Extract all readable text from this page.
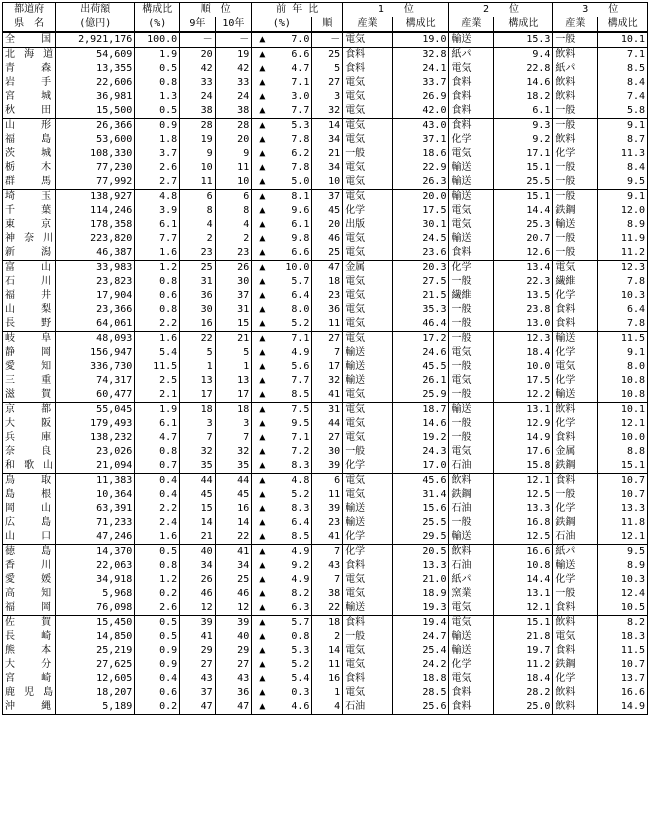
都道府	出荷額	構成比	順　位		前 年 比			1　　位		2　　位		3　　位	
県　名	(億円)	(%)	9年	10年	(%)		順	産業	構成比	産業	構成比	産業	構成比
全国	2,921,176	100.0	－	－	▲	7.0	－	電気	19.0	輸送	15.3	一般	10.1
北海道	54,609	1.9	20	19	▲	6.6	25	食料	32.8	紙パ	9.4	飲料	7.1
青森	13,355	0.5	42	42	▲	4.7	5	食料	24.1	電気	22.8	紙パ	8.5
岩手	22,606	0.8	33	33	▲	7.1	27	電気	33.7	食料	14.6	飲料	8.4
宮城	36,981	1.3	24	24	▲	3.0	3	電気	26.9	食料	18.2	飲料	7.4
秋田	15,500	0.5	38	38	▲	7.7	32	電気	42.0	食料	6.1	一般	5.8
山形	26,366	0.9	28	28	▲	5.3	14	電気	43.0	食料	9.3	一般	9.1
福島	53,600	1.8	19	20	▲	7.8	34	電気	37.1	化学	9.2	飲料	8.7
茨城	108,330	3.7	9	9	▲	6.2	21	一般	18.6	電気	17.1	化学	11.3
栃木	77,230	2.6	10	11	▲	7.8	34	電気	22.9	輸送	15.1	一般	8.4
群馬	77,992	2.7	11	10	▲	5.0	10	電気	26.3	輸送	25.5	一般	9.5
埼玉	138,927	4.8	6	6	▲	8.1	37	電気	20.0	輸送	15.1	一般	9.1
千葉	114,246	3.9	8	8	▲	9.6	45	化学	17.5	電気	14.4	鉄鋼	12.0
東京	178,358	6.1	4	4	▲	6.1	20	出版	30.1	電気	25.3	輸送	8.9
神奈川	223,820	7.7	2	2	▲	9.8	46	電気	24.5	輸送	20.7	一般	11.9
新潟	46,387	1.6	23	23	▲	6.6	25	電気	23.6	食料	12.6	一般	11.2
富山	33,983	1.2	25	26	▲	10.0	47	金属	20.3	化学	13.4	電気	12.3
石川	23,823	0.8	31	30	▲	5.7	18	電気	27.5	一般	22.3	繊維	7.8
福井	17,904	0.6	36	37	▲	6.4	23	電気	21.5	繊維	13.5	化学	10.3
山梨	23,366	0.8	30	31	▲	8.0	36	電気	35.3	一般	23.8	食料	6.4
長野	64,061	2.2	16	15	▲	5.2	11	電気	46.4	一般	13.0	食料	7.8
岐阜	48,093	1.6	22	21	▲	7.1	27	電気	17.2	一般	12.3	輸送	11.5
静岡	156,947	5.4	5	5	▲	4.9	7	輸送	24.6	電気	18.4	化学	9.1
愛知	336,730	11.5	1	1	▲	5.6	17	輸送	45.5	一般	10.0	電気	8.0
三重	74,317	2.5	13	13	▲	7.7	32	輸送	26.1	電気	17.5	化学	10.8
滋賀	60,477	2.1	17	17	▲	8.5	41	電気	25.9	一般	12.2	輸送	10.8
京都	55,045	1.9	18	18	▲	7.5	31	電気	18.7	輸送	13.1	飲料	10.1
大阪	179,493	6.1	3	3	▲	9.5	44	電気	14.6	一般	12.9	化学	12.1
兵庫	138,232	4.7	7	7	▲	7.1	27	電気	19.2	一般	14.9	食料	10.0
奈良	23,026	0.8	32	32	▲	7.2	30	一般	24.3	電気	17.6	金属	8.8
和歌山	21,094	0.7	35	35	▲	8.3	39	化学	17.0	石油	15.8	鉄鋼	15.1
鳥取	11,383	0.4	44	44	▲	4.8	6	電気	45.6	飲料	12.1	食料	10.7
島根	10,364	0.4	45	45	▲	5.2	11	電気	31.4	鉄鋼	12.5	一般	10.7
岡山	63,391	2.2	15	16	▲	8.3	39	輸送	15.6	石油	13.3	化学	13.3
広島	71,233	2.4	14	14	▲	6.4	23	輸送	25.5	一般	16.8	鉄鋼	11.8
山口	47,246	1.6	21	22	▲	8.5	41	化学	29.5	輸送	12.5	石油	12.1
徳島	14,370	0.5	40	41	▲	4.9	7	化学	20.5	飲料	16.6	紙パ	9.5
香川	22,063	0.8	34	34	▲	9.2	43	食料	13.3	石油	10.8	輸送	8.9
愛媛	34,918	1.2	26	25	▲	4.9	7	電気	21.0	紙パ	14.4	化学	10.3
高知	5,968	0.2	46	46	▲	8.2	38	電気	18.9	窯業	13.1	一般	12.4
福岡	76,098	2.6	12	12	▲	6.3	22	輸送	19.3	電気	12.1	食料	10.5
佐賀	15,450	0.5	39	39	▲	5.7	18	食料	19.4	電気	15.1	飲料	8.2
長崎	14,850	0.5	41	40	▲	0.8	2	一般	24.7	輸送	21.8	電気	18.3
熊本	25,219	0.9	29	29	▲	5.3	14	電気	25.4	輸送	19.7	食料	11.5
大分	27,625	0.9	27	27	▲	5.2	11	電気	24.2	化学	11.2	鉄鋼	10.7
宮崎	12,605	0.4	43	43	▲	5.4	16	食料	18.8	電気	18.4	化学	13.7
鹿児島	18,207	0.6	37	36	▲	0.3	1	電気	28.5	食料	28.2	飲料	16.6
沖縄	5,189	0.2	47	47	▲	4.6	4	石油	25.6	食料	25.0	飲料	14.9
